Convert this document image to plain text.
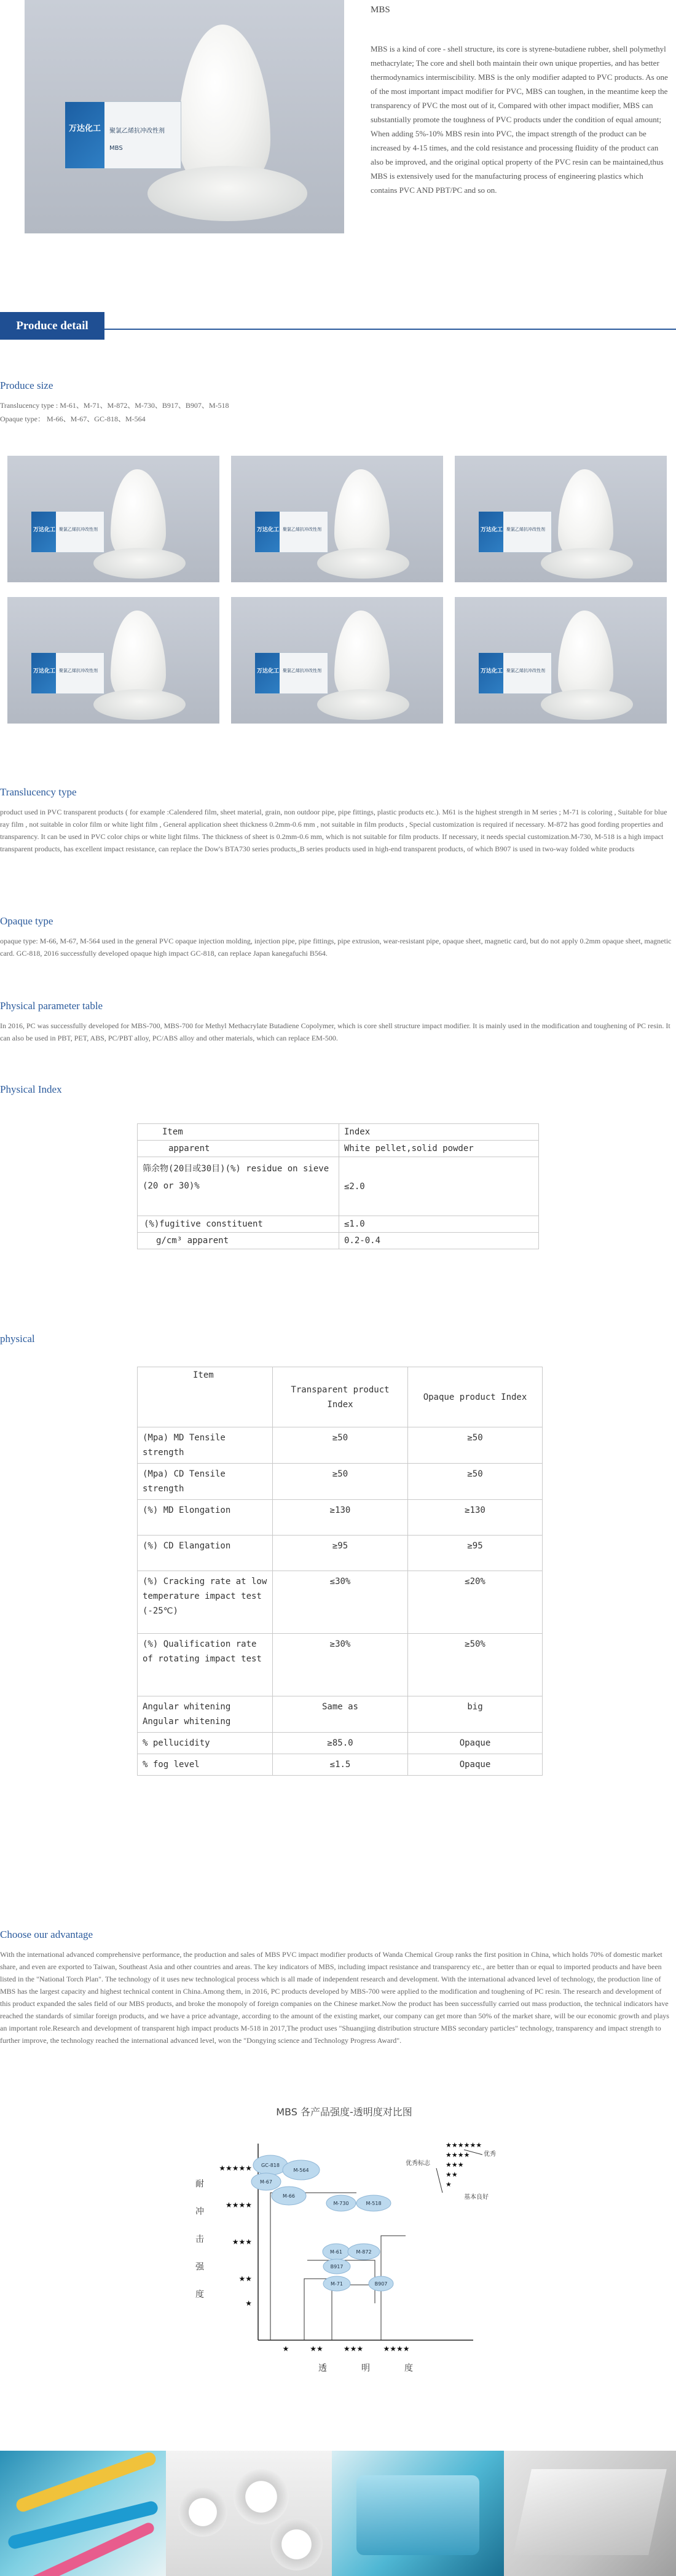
万达化工 聚氯乙烯抗冲改性剂
MBS
MBS
MBS is a kind of core - shell structure, its core is styrene-butadiene rubber, shell polymethyl methacrylate; The core and shell both maintain their own unique properties, and has better thermodynamics intermiscibility. MBS is the only modifier adapted to PVC products. As one of the most important impact modifier for PVC, MBS can toughen, in the meantime keep the transparency of PVC the most out of it, Compared with other impact modifier, MBS can substantially promote the toughness of PVC products under the condition of equal amount; When adding 5%-10% MBS resin into PVC, the impact strength of the product can be increased by 4-15 times, and the cold resistance and processing fluidity of the product can also be improved, and the original optical property of the PVC resin can be maintained,thus MBS is extensively used for the manufacturing process of engineering plastics which contains PVC AND PBT/PC and so on.
Produce detail
Produce size
Translucency type : M-61、M-71、M-872、M-730、B917、B907、M-518
Opaque type： M-66、M-67、GC-818、M-564
万达化工 聚氯乙烯抗冲改性剂	万达化工 聚氯乙烯抗冲改性剂	万达化工 聚氯乙烯抗冲改性剂
万达化工 聚氯乙烯抗冲改性剂	万达化工 聚氯乙烯抗冲改性剂	万达化工 聚氯乙烯抗冲改性剂
Translucency type
product used in PVC transparent products ( for example :Calendered film, sheet material, grain, non outdoor pipe, pipe fittings, plastic products etc.). M61 is the highest strength in M series ; M-71 is coloring , Suitable for blue ray film , not suitable in color film or white light film , General application sheet thickness 0.2mm-0.6 mm , not suitable in film products , Special customization is required if necessary. M-872 has good fording properties and transparency. It can be used in PVC color chips or white light films. The thickness of sheet is 0.2mm-0.6 mm, which is not suitable for film products. If necessary, it needs special customization.M-730, M-518 is a high impact transparent products, has excellent impact resistance, can replace the Dow's BTA730 series products,,B series products used in high-end transparent products, of which B907 is used in two-way folded white products
Opaque type
opaque type: M-66, M-67, M-564 used in the general PVC opaque injection molding, injection pipe, pipe fittings, pipe extrusion, wear-resistant pipe, opaque sheet, magnetic card, but do not apply 0.2mm opaque sheet, magnetic card. GC-818, 2016 successfully developed opaque high impact GC-818, can replace Japan kanegafuchi B564.
Physical parameter table
In 2016, PC was successfully developed for MBS-700, MBS-700 for Methyl Methacrylate Butadiene Copolymer, which is core shell structure impact modifier. It is mainly used in the modification and toughening of PC resin. It can also be used in PBT, PET, ABS, PC/PBT alloy, PC/ABS alloy and other materials, which can replace EM-500.
Physical Index
Item	Index
apparent	White pellet,solid powder
筛余物(20目或30目)(%) residue on sieve (20 or 30)%	≤2.0
(%)fugitive constituent	≤1.0
g/cm³ apparent	0.2-0.4
physical
Item	Transparent product Index	Opaque product Index
(Mpa) MD Tensile strength	≥50	≥50
(Mpa) CD Tensile strength	≥50	≥50
(%) MD Elongation	≥130	≥130
(%) CD Elangation	≥95	≥95
(%) Cracking rate at low temperature impact test (-25℃)	≤30%	≤20%
(%) Qualification rate of rotating impact test	≥30%	≥50%
Angular whitening Angular whitening	Same as	big
% pellucidity	≥85.0	Opaque
% fog level	≤1.5	Opaque
Choose our advantage
With the international advanced comprehensive performance, the production and sales of MBS PVC impact modifier products of Wanda Chemical Group ranks the first position in China, which holds 70% of domestic market share, and even are exported to Taiwan, Southeast Asia and other countries and areas. The key indicators of MBS, including impact resistance and transparency etc., are better than or equal to imported products and have been listed in the "National Torch Plan". The technology of it uses new technological process which is all made of independent research and development. With the international advanced level of technology, the production line of MBS has the largest capacity and highest technical content in China.Among them, in 2016, PC products developed by MBS-700 were applied to the modification and toughening of PC resin. The research and development of this product expanded the sales field of our MBS products, and broke the monopoly of foreign companies on the Chinese market.Now the product has been successfully carried out mass production, the technical indicators have reached the standards of similar foreign products, and we have a price advantage, according to the amount of the existing market, our company can get more than 50% of the market share, will be our economic growth and plays an important role.Research and development of transparent high impact products M-518 in 2017,The product uses "Shuangjing distribution structure MBS secondary particles" technology, transparency and impact strength to further improve, the technology reached the international advanced level, won the "Dongying science and Technology Progress Award".
MBS 各产品强度-透明度对比图
★★★★★
★★★★
★★★
★★
★
耐
冲
击
强
度
★	★★	★★★	★★★★
透	明	度
GC-818
M-564
M-67
M-66
M-730	M-518
M-61	M-872
B917
M-71	B907
★★★★★★
★★★★
★★★
★★
★
优秀标志
优秀
基本良好
